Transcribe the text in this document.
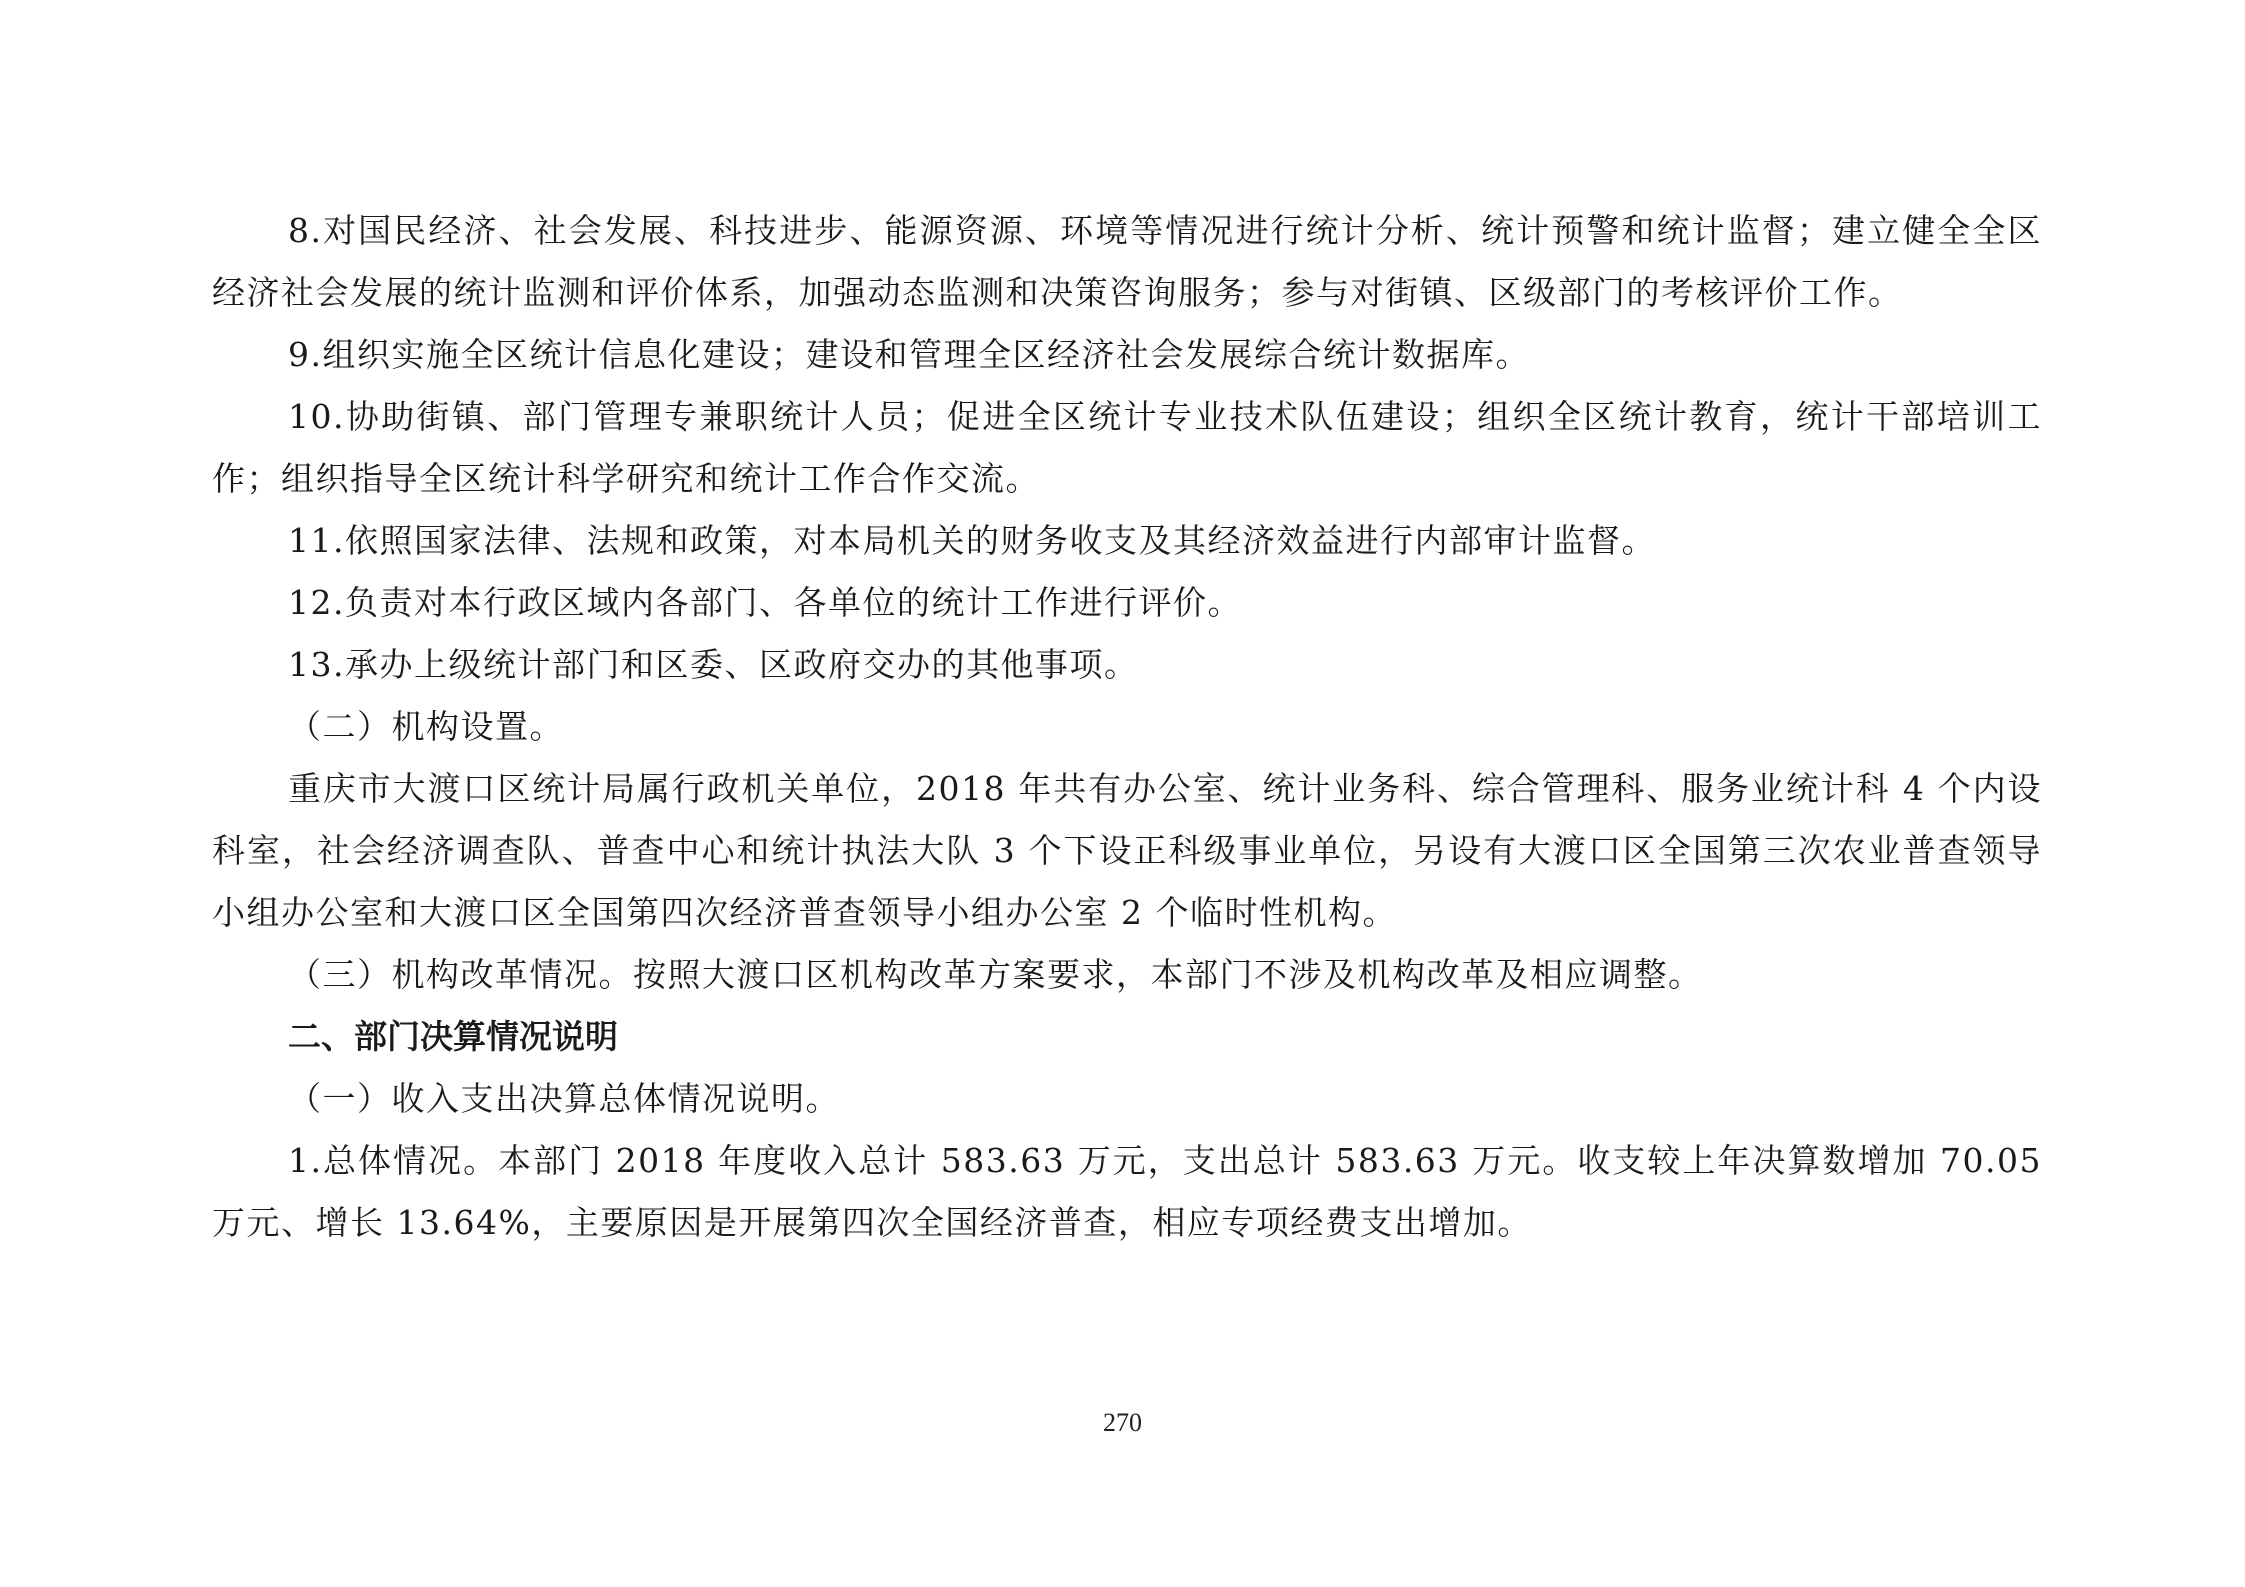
8.对国民经济、社会发展、科技进步、能源资源、环境等情况进行统计分析、统计预警和统计监督；建立健全全区经济社会发展的统计监测和评价体系，加强动态监测和决策咨询服务；参与对街镇、区级部门的考核评价工作。

9.组织实施全区统计信息化建设；建设和管理全区经济社会发展综合统计数据库。

10.协助街镇、部门管理专兼职统计人员；促进全区统计专业技术队伍建设；组织全区统计教育，统计干部培训工作；组织指导全区统计科学研究和统计工作合作交流。

11.依照国家法律、法规和政策，对本局机关的财务收支及其经济效益进行内部审计监督。

12.负责对本行政区域内各部门、各单位的统计工作进行评价。

13.承办上级统计部门和区委、区政府交办的其他事项。

（二）机构设置。

重庆市大渡口区统计局属行政机关单位，2018 年共有办公室、统计业务科、综合管理科、服务业统计科 4 个内设科室，社会经济调查队、普查中心和统计执法大队 3 个下设正科级事业单位，另设有大渡口区全国第三次农业普查领导小组办公室和大渡口区全国第四次经济普查领导小组办公室 2 个临时性机构。

（三）机构改革情况。按照大渡口区机构改革方案要求，本部门不涉及机构改革及相应调整。

二、部门决算情况说明

（一）收入支出决算总体情况说明。

1.总体情况。本部门 2018 年度收入总计 583.63 万元，支出总计 583.63 万元。收支较上年决算数增加 70.05 万元、增长 13.64%，主要原因是开展第四次全国经济普查，相应专项经费支出增加。

270
